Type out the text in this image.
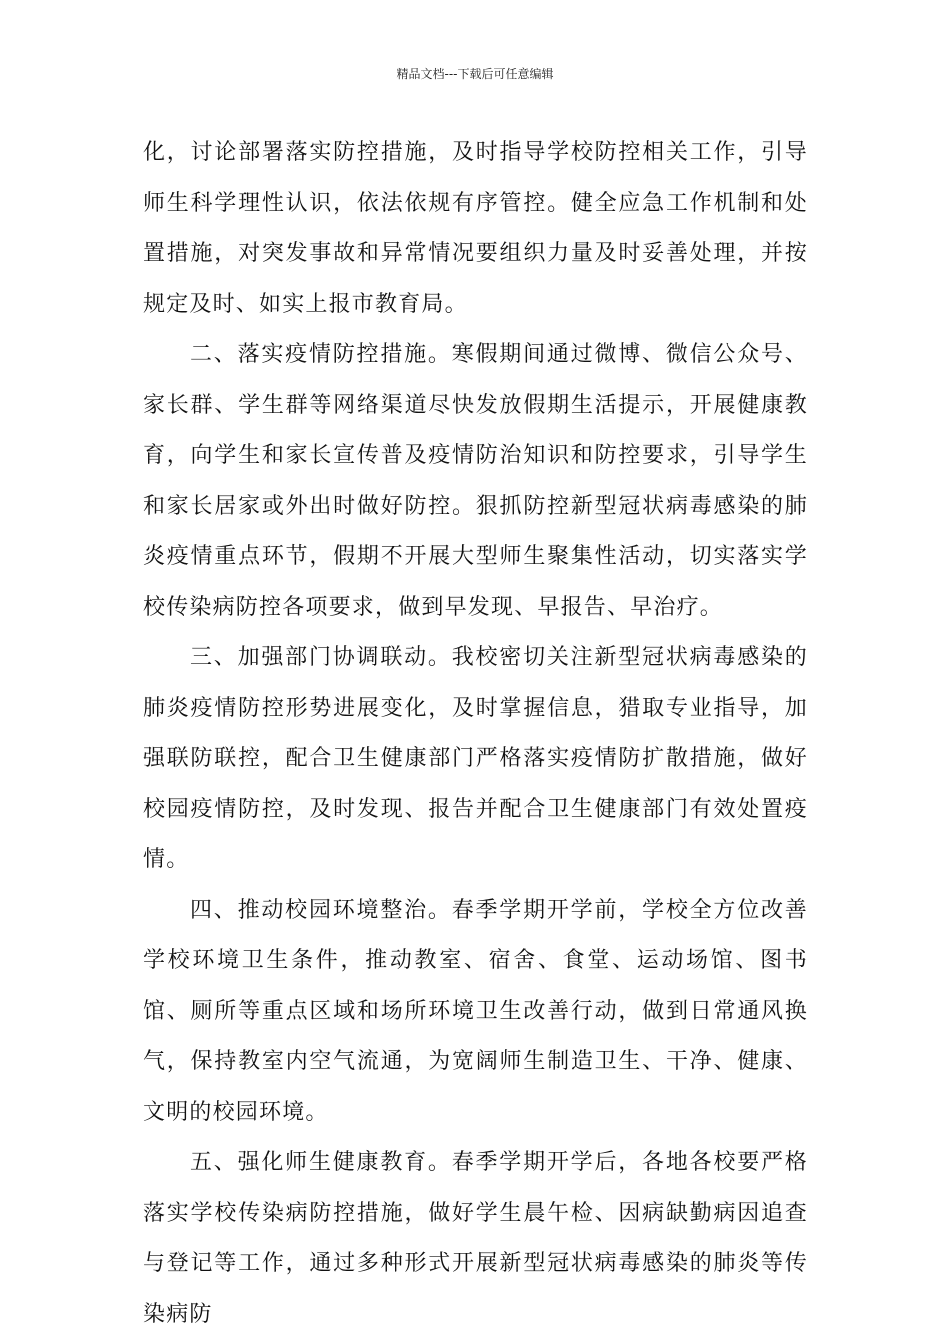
精品文档---下载后可任意编辑

化，讨论部署落实防控措施，及时指导学校防控相关工作，引导师生科学理性认识，依法依规有序管控。健全应急工作机制和处置措施，对突发事故和异常情况要组织力量及时妥善处理，并按规定及时、如实上报市教育局。

二、落实疫情防控措施。寒假期间通过微博、微信公众号、家长群、学生群等网络渠道尽快发放假期生活提示，开展健康教育，向学生和家长宣传普及疫情防治知识和防控要求，引导学生和家长居家或外出时做好防控。狠抓防控新型冠状病毒感染的肺炎疫情重点环节，假期不开展大型师生聚集性活动，切实落实学校传染病防控各项要求，做到早发现、早报告、早治疗。

三、加强部门协调联动。我校密切关注新型冠状病毒感染的肺炎疫情防控形势进展变化，及时掌握信息，猎取专业指导，加强联防联控，配合卫生健康部门严格落实疫情防扩散措施，做好校园疫情防控，及时发现、报告并配合卫生健康部门有效处置疫情。

四、推动校园环境整治。春季学期开学前，学校全方位改善学校环境卫生条件，推动教室、宿舍、食堂、运动场馆、图书馆、厕所等重点区域和场所环境卫生改善行动，做到日常通风换气，保持教室内空气流通，为宽阔师生制造卫生、干净、健康、文明的校园环境。

五、强化师生健康教育。春季学期开学后，各地各校要严格落实学校传染病防控措施，做好学生晨午检、因病缺勤病因追查与登记等工作，通过多种形式开展新型冠状病毒感染的肺炎等传染病防
